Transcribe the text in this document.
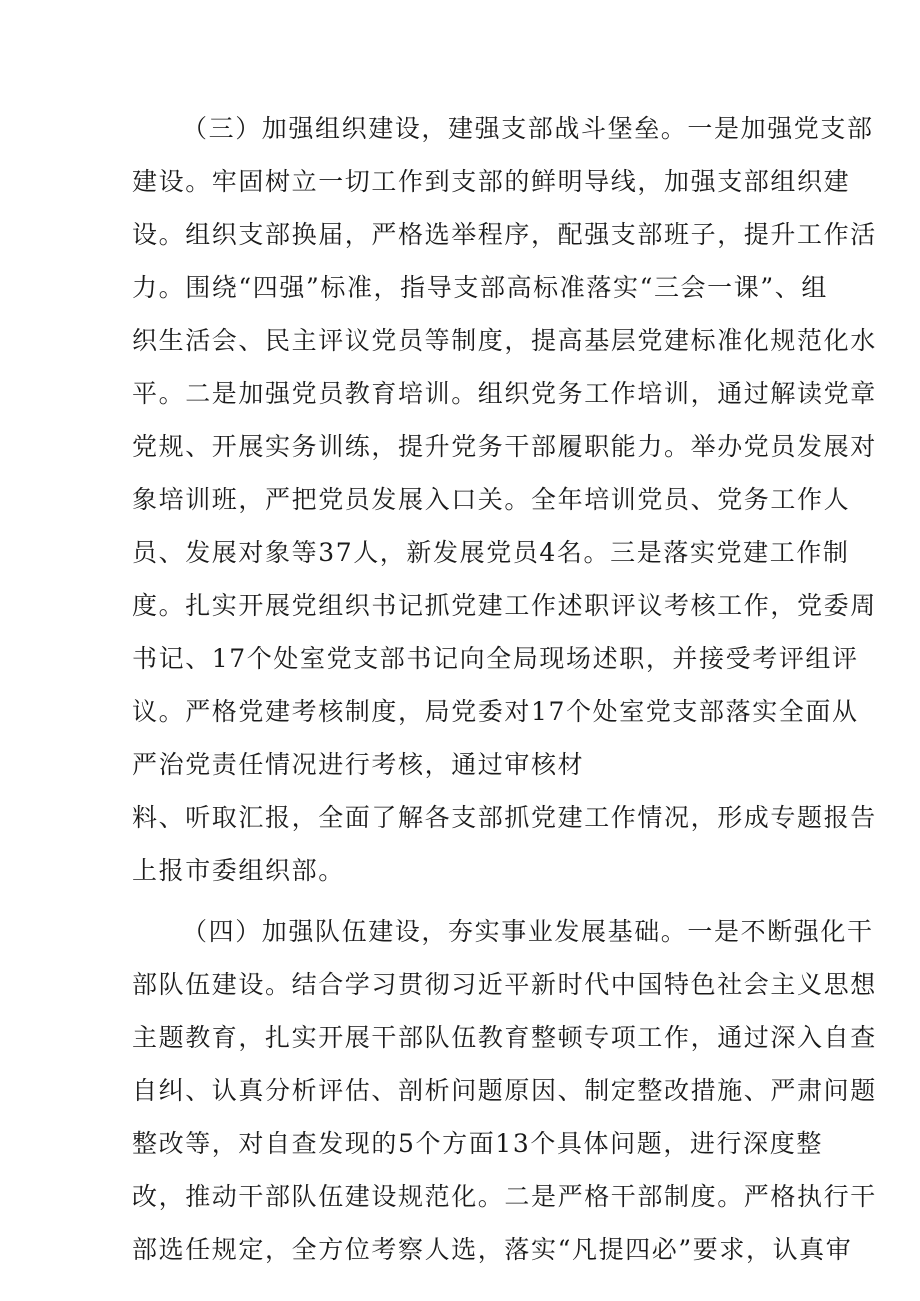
（三）加强组织建设，建强支部战斗堡垒。一是加强党支部
建设。牢固树立一切工作到支部的鲜明导线，加强支部组织建
设。组织支部换届，严格选举程序，配强支部班子，提升工作活
力。围绕“四强”标准，指导支部高标准落实“三会一课”、组
织生活会、民主评议党员等制度，提高基层党建标准化规范化水
平。二是加强党员教育培训。组织党务工作培训，通过解读党章
党规、开展实务训练，提升党务干部履职能力。举办党员发展对
象培训班，严把党员发展入口关。全年培训党员、党务工作人
员、发展对象等37人，新发展党员4名。三是落实党建工作制
度。扎实开展党组织书记抓党建工作述职评议考核工作，党委周
书记、17个处室党支部书记向全局现场述职，并接受考评组评
议。严格党建考核制度，局党委对17个处室党支部落实全面从
严治党责任情况进行考核，通过审核材
料、听取汇报，全面了解各支部抓党建工作情况，形成专题报告
上报市委组织部。
（四）加强队伍建设，夯实事业发展基础。一是不断强化干
部队伍建设。结合学习贯彻习近平新时代中国特色社会主义思想
主题教育，扎实开展干部队伍教育整顿专项工作，通过深入自查
自纠、认真分析评估、剖析问题原因、制定整改措施、严肃问题
整改等，对自查发现的5个方面13个具体问题，进行深度整
改，推动干部队伍建设规范化。二是严格干部制度。严格执行干
部选任规定，全方位考察人选，落实“凡提四必”要求，认真审
